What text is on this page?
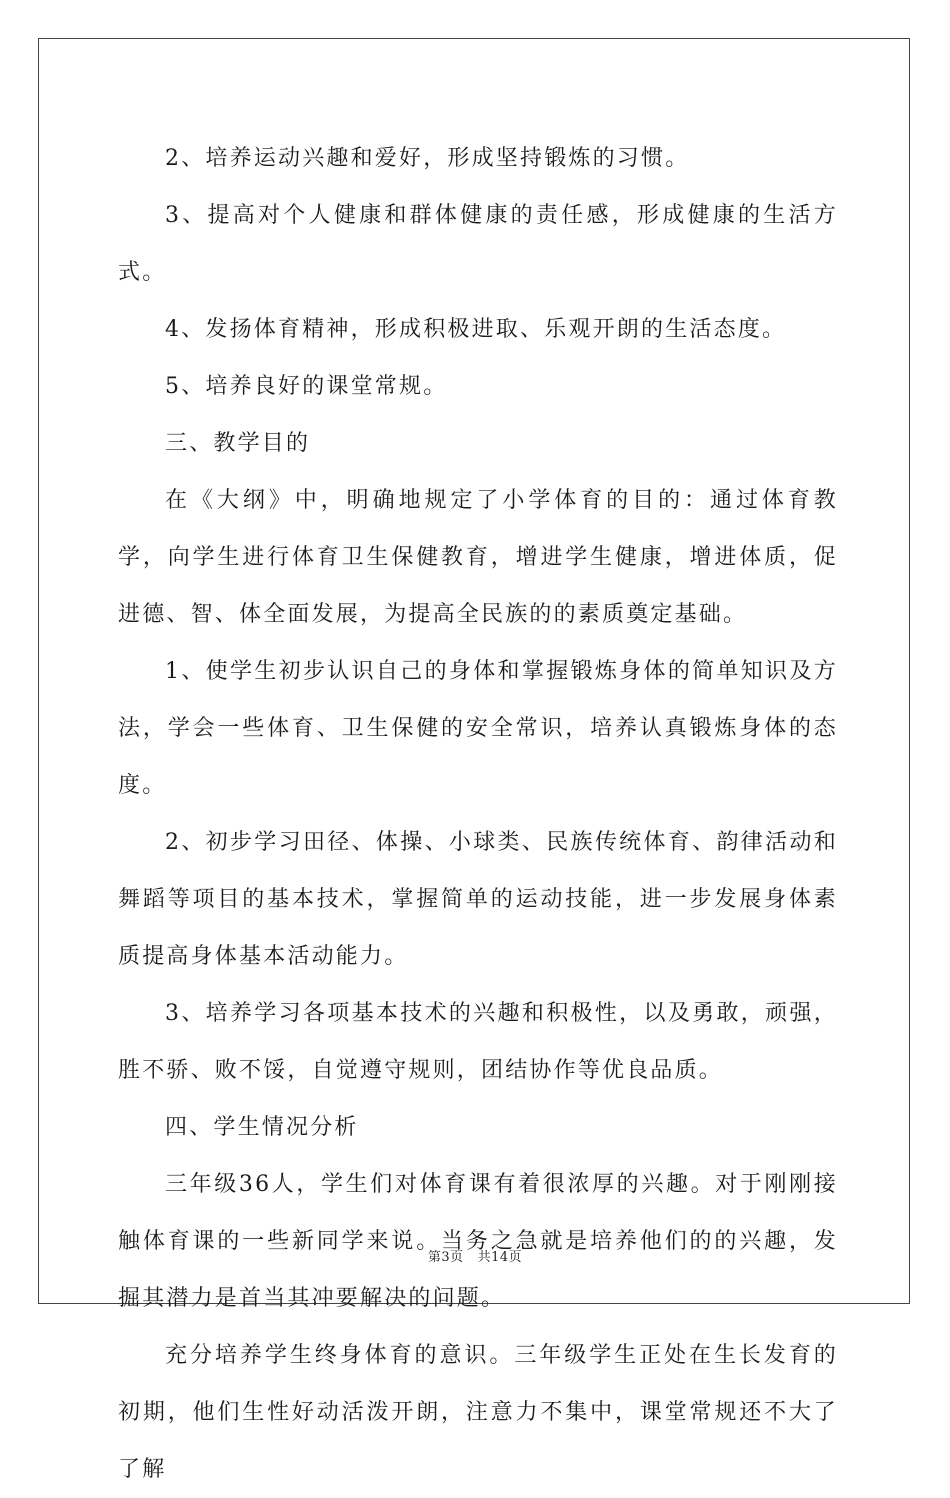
2、培养运动兴趣和爱好，形成坚持锻炼的习惯。

3、提高对个人健康和群体健康的责任感，形成健康的生活方式。

4、发扬体育精神，形成积极进取、乐观开朗的生活态度。

5、培养良好的课堂常规。

三、教学目的

在《大纲》中，明确地规定了小学体育的目的：通过体育教学，向学生进行体育卫生保健教育，增进学生健康，增进体质，促进德、智、体全面发展，为提高全民族的的素质奠定基础。

1、使学生初步认识自己的身体和掌握锻炼身体的简单知识及方法，学会一些体育、卫生保健的安全常识，培养认真锻炼身体的态度。

2、初步学习田径、体操、小球类、民族传统体育、韵律活动和舞蹈等项目的基本技术，掌握简单的运动技能，进一步发展身体素质提高身体基本活动能力。

3、培养学习各项基本技术的兴趣和积极性，以及勇敢，顽强，胜不骄、败不馁，自觉遵守规则，团结协作等优良品质。

四、学生情况分析

三年级36人，学生们对体育课有着很浓厚的兴趣。对于刚刚接触体育课的一些新同学来说。当务之急就是培养他们的的兴趣，发掘其潜力是首当其冲要解决的问题。

充分培养学生终身体育的意识。三年级学生正处在生长发育的初期，他们生性好动活泼开朗，注意力不集中，课堂常规还不大了了解

第3页 共14页
